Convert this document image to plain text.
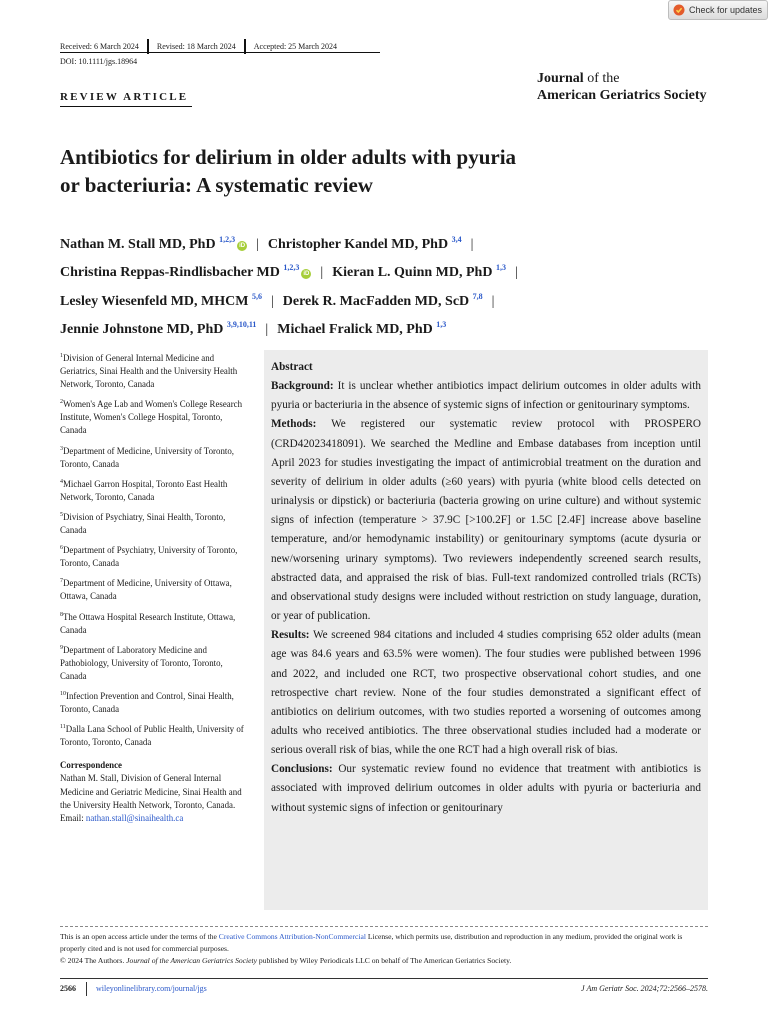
Check for updates
Received: 6 March 2024 Revised: 18 March 2024 Accepted: 25 March 2024
DOI: 10.1111/jgs.18964
Journal of the
American Geriatrics Society
REVIEW ARTICLE
Antibiotics for delirium in older adults with pyuria
or bacteriuria: A systematic review
Nathan M. Stall MD, PhD $^{1,2,3}$iD | Christopher Kandel MD, PhD $^{3,4}$ |
Christina Reppas-Rindlisbacher MD $^{1,2,3}$iD | Kieran L. Quinn MD, PhD $^{1,3}$ |
Lesley Wiesenfeld MD, MHCM $^{5,6}$ | Derek R. MacFadden MD, ScD $^{7,8}$ |
Jennie Johnstone MD, PhD $^{3,9,10,11}$ | Michael Fralick MD, PhD $^{1,3}$
$^1$Division of General Internal Medicine and Geriatrics, Sinai Health and the University Health Network, Toronto, Canada
$^2$Women's Age Lab and Women's College Research Institute, Women's College Hospital, Toronto, Canada
$^3$Department of Medicine, University of Toronto, Toronto, Canada
$^4$Michael Garron Hospital, Toronto East Health Network, Toronto, Canada
$^5$Division of Psychiatry, Sinai Health, Toronto, Canada
$^6$Department of Psychiatry, University of Toronto, Toronto, Canada
$^7$Department of Medicine, University of Ottawa, Ottawa, Canada
$^8$The Ottawa Hospital Research Institute, Ottawa, Canada
$^9$Department of Laboratory Medicine and Pathobiology, University of Toronto, Toronto, Canada
$^{10}$Infection Prevention and Control, Sinai Health, Toronto, Canada
$^{11}$Dalla Lana School of Public Health, University of Toronto, Toronto, Canada
Correspondence
Nathan M. Stall, Division of General Internal Medicine and Geriatric Medicine, Sinai Health and the University Health Network, Toronto, Canada.
Email: nathan.stall@sinaihealth.ca

Abstract

Background: It is unclear whether antibiotics impact delirium outcomes in older adults with pyuria or bacteriuria in the absence of systemic signs of infection or genitourinary symptoms.

Methods: We registered our systematic review protocol with PROSPERO (CRD42023418091). We searched the Medline and Embase databases from inception until April 2023 for studies investigating the impact of antimicrobial treatment on the duration and severity of delirium in older adults (≥60 years) with pyuria (white blood cells detected on urinalysis or dipstick) or bacteriuria (bacteria growing on urine culture) and without systemic signs of infection (temperature > 37.9C [>100.2F] or 1.5C [2.4F] increase above baseline temperature, and/or hemodynamic instability) or genitourinary symptoms (acute dysuria or new/worsening urinary symptoms). Two reviewers independently screened search results, abstracted data, and appraised the risk of bias. Full-text randomized controlled trials (RCTs) and observational study designs were included without restriction on study language, duration, or year of publication.

Results: We screened 984 citations and included 4 studies comprising 652 older adults (mean age was 84.6 years and 63.5% were women). The four studies were published between 1996 and 2022, and included one RCT, two prospective observational cohort studies, and one retrospective chart review. None of the four studies demonstrated a significant effect of antibiotics on delirium outcomes, with two studies reported a worsening of outcomes among adults who received antibiotics. The three observational studies included had a moderate or serious overall risk of bias, while the one RCT had a high overall risk of bias.

Conclusions: Our systematic review found no evidence that treatment with antibiotics is associated with improved delirium outcomes in older adults with pyuria or bacteriuria and without systemic signs of infection or genitourinary

This is an open access article under the terms of the Creative Commons Attribution-NonCommercial License, which permits use, distribution and reproduction in any medium, provided the original work is properly cited and is not used for commercial purposes.
© 2024 The Authors. Journal of the American Geriatrics Society published by Wiley Periodicals LLC on behalf of The American Geriatrics Society.
2566	wileyonlinelibrary.com/journal/jgs	J Am Geriatr Soc. 2024;72:2566–2578.
